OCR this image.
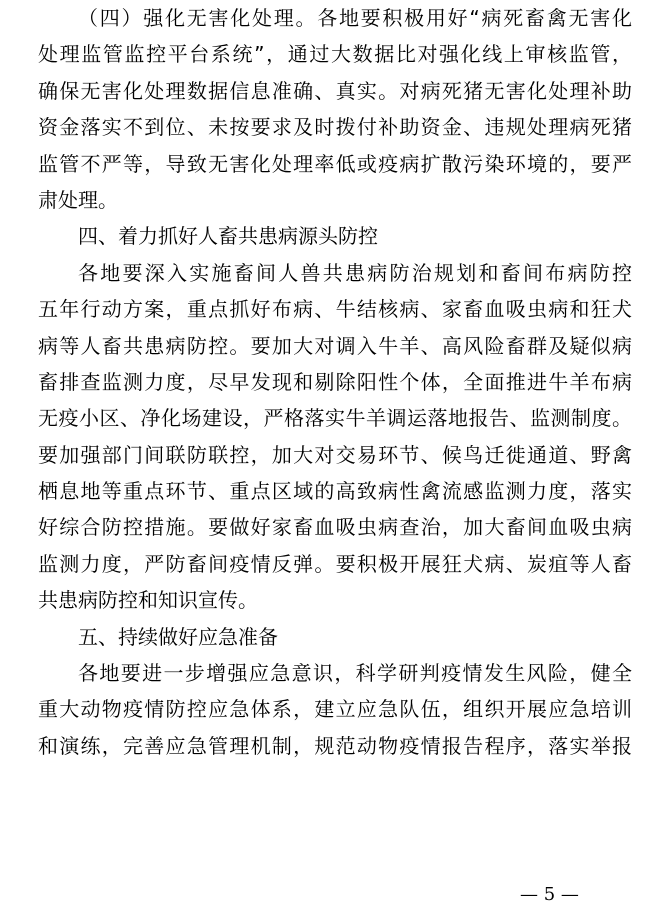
（四）强化无害化处理。各地要积极用好“病死畜禽无害化
处理监管监控平台系统”，通过大数据比对强化线上审核监管，
确保无害化处理数据信息准确、真实。对病死猪无害化处理补助
资金落实不到位、未按要求及时拨付补助资金、违规处理病死猪
监管不严等，导致无害化处理率低或疫病扩散污染环境的，要严
肃处理。
四、着力抓好人畜共患病源头防控
各地要深入实施畜间人兽共患病防治规划和畜间布病防控
五年行动方案，重点抓好布病、牛结核病、家畜血吸虫病和狂犬
病等人畜共患病防控。要加大对调入牛羊、高风险畜群及疑似病
畜排查监测力度，尽早发现和剔除阳性个体，全面推进牛羊布病
无疫小区、净化场建设，严格落实牛羊调运落地报告、监测制度。
要加强部门间联防联控，加大对交易环节、候鸟迁徙通道、野禽
栖息地等重点环节、重点区域的高致病性禽流感监测力度，落实
好综合防控措施。要做好家畜血吸虫病查治，加大畜间血吸虫病
监测力度，严防畜间疫情反弹。要积极开展狂犬病、炭疽等人畜
共患病防控和知识宣传。
五、持续做好应急准备
各地要进一步增强应急意识，科学研判疫情发生风险，健全
重大动物疫情防控应急体系，建立应急队伍，组织开展应急培训
和演练，完善应急管理机制，规范动物疫情报告程序，落实举报
— 5 —
